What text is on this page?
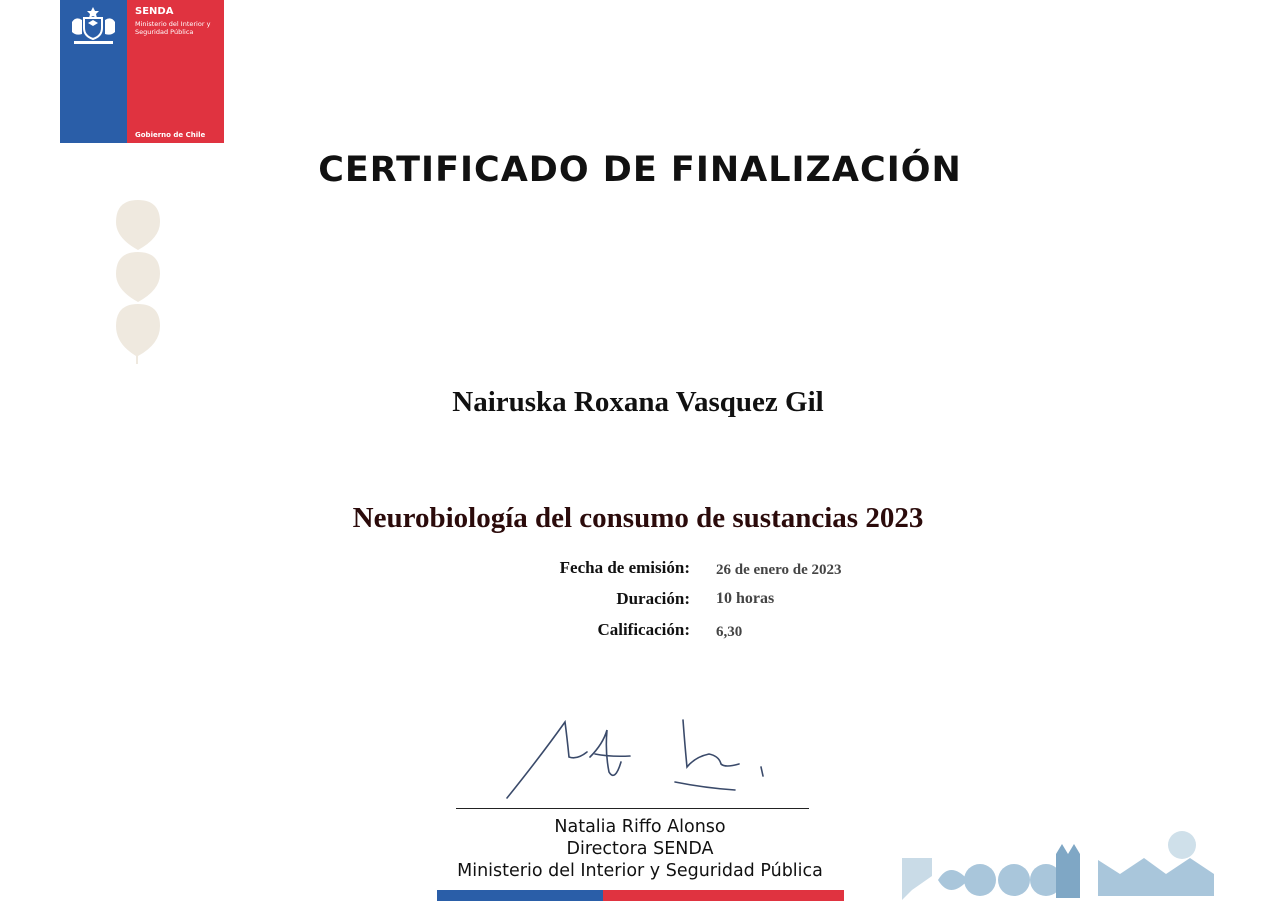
SENDA
Ministerio del Interior y Seguridad Pública
Gobierno de Chile
CERTIFICADO DE FINALIZACIÓN
Nairuska Roxana Vasquez Gil
Neurobiología del consumo de sustancias 2023
Fecha de emisión: 26 de enero de 2023
Duración: 10 horas
Calificación: 6,30
Natalia Riffo Alonso
Directora SENDA
Ministerio del Interior y Seguridad Pública
